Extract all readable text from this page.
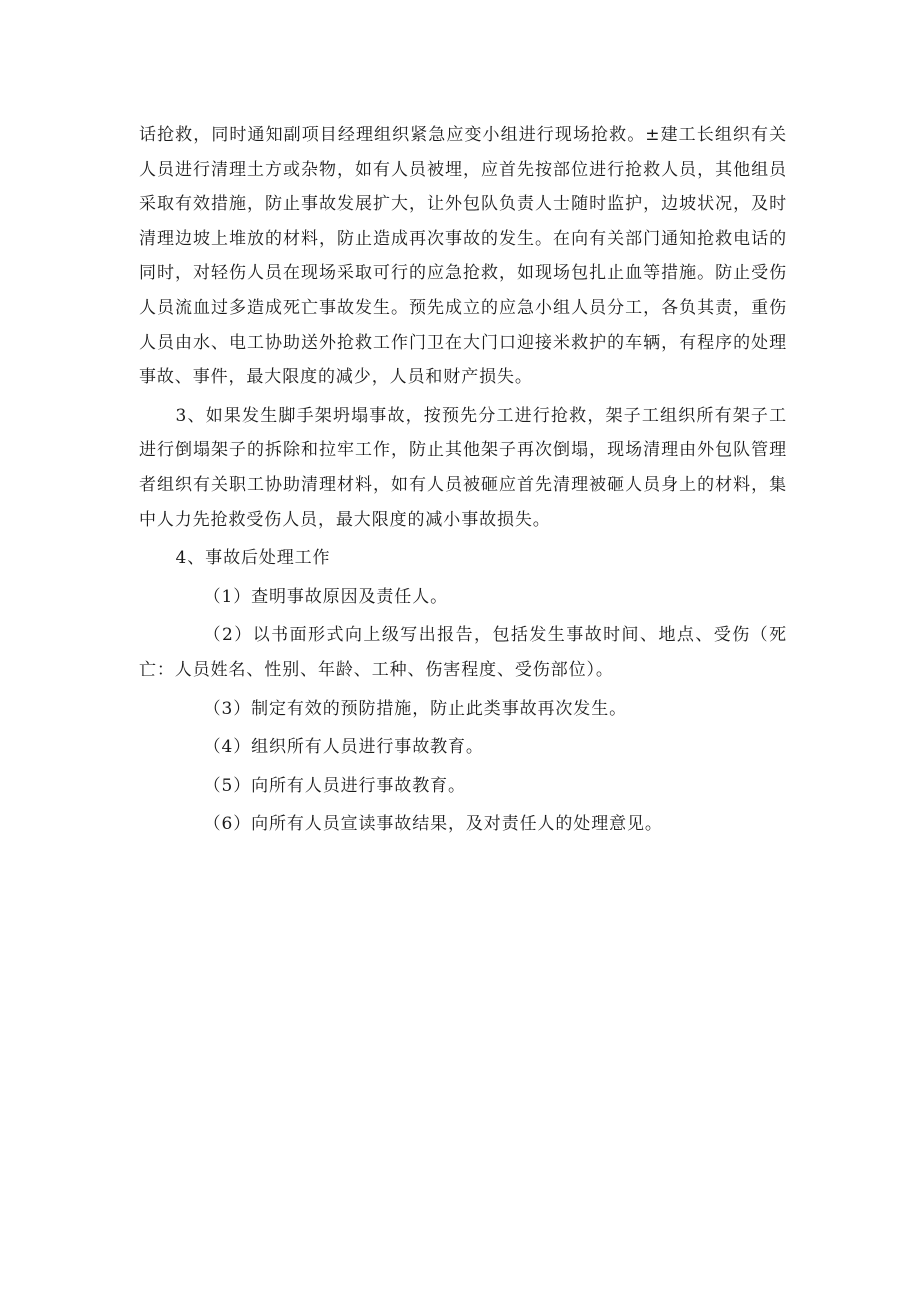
话抢救，同时通知副项目经理组织紧急应变小组进行现场抢救。±建工长组织有关人员进行清理土方或杂物，如有人员被埋，应首先按部位进行抢救人员，其他组员采取有效措施，防止事故发展扩大，让外包队负责人士随时监护，边坡状况，及时清理边坡上堆放的材料，防止造成再次事故的发生。在向有关部门通知抢救电话的同时，对轻伤人员在现场采取可行的应急抢救，如现场包扎止血等措施。防止受伤人员流血过多造成死亡事故发生。预先成立的应急小组人员分工，各负其责，重伤人员由水、电工协助送外抢救工作门卫在大门口迎接米救护的车辆，有程序的处理事故、事件，最大限度的减少，人员和财产损失。

3、如果发生脚手架坍塌事故，按预先分工进行抢救，架子工组织所有架子工进行倒塌架子的拆除和拉牢工作，防止其他架子再次倒塌，现场清理由外包队管理者组织有关职工协助清理材料，如有人员被砸应首先清理被砸人员身上的材料，集中人力先抢救受伤人员，最大限度的减小事故损失。

4、事故后处理工作

（1）查明事故原因及责任人。

（2）以书面形式向上级写出报告，包括发生事故时间、地点、受伤（死亡：人员姓名、性别、年龄、工种、伤害程度、受伤部位）。

（3）制定有效的预防措施，防止此类事故再次发生。

（4）组织所有人员进行事故教育。

（5）向所有人员进行事故教育。

（6）向所有人员宣读事故结果，及对责任人的处理意见。
